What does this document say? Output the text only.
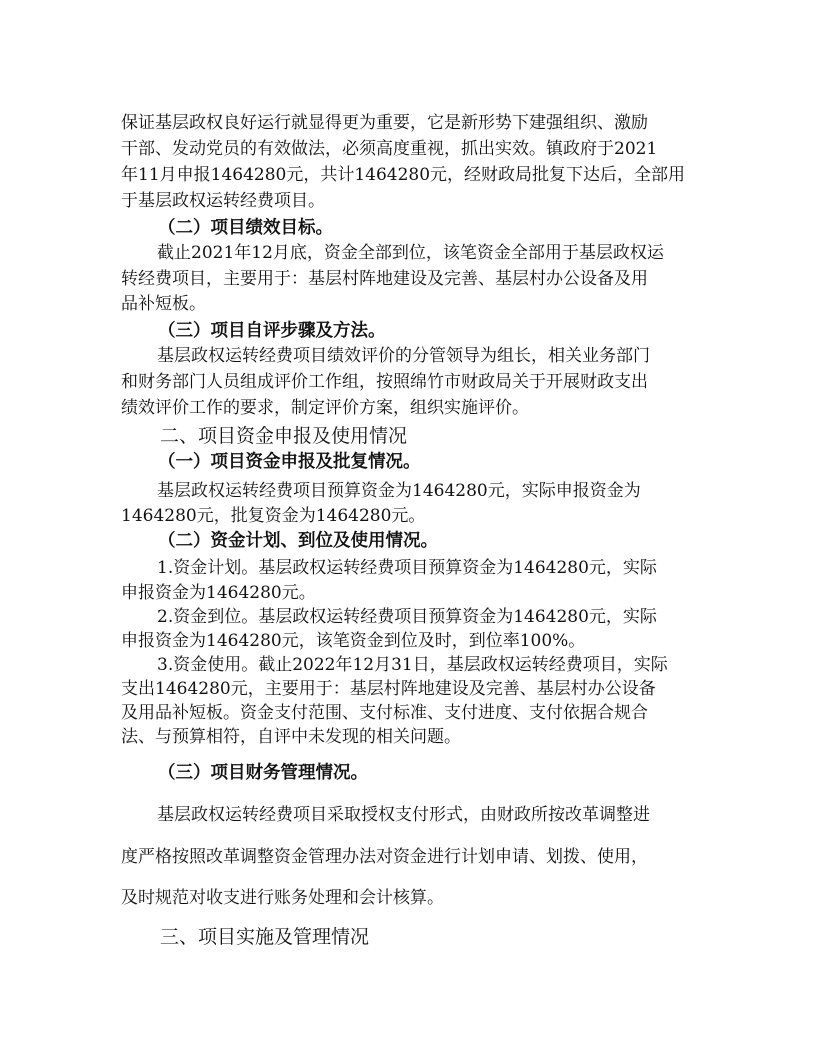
保证基层政权良好运行就显得更为重要，它是新形势下建强组织、激励

干部、发动党员的有效做法，必须高度重视，抓出实效。镇政府于2021

年11月申报1464280元，共计1464280元，经财政局批复下达后，全部用

于基层政权运转经费项目。

（二）项目绩效目标。

截止2021年12月底，资金全部到位，该笔资金全部用于基层政权运

转经费项目，主要用于：基层村阵地建设及完善、基层村办公设备及用

品补短板。

（三）项目自评步骤及方法。

基层政权运转经费项目绩效评价的分管领导为组长，相关业务部门

和财务部门人员组成评价工作组，按照绵竹市财政局关于开展财政支出

绩效评价工作的要求，制定评价方案，组织实施评价。

二、项目资金申报及使用情况

（一）项目资金申报及批复情况。

基层政权运转经费项目预算资金为1464280元，实际申报资金为

1464280元，批复资金为1464280元。

（二）资金计划、到位及使用情况。

1.资金计划。基层政权运转经费项目预算资金为1464280元，实际

申报资金为1464280元。

2.资金到位。基层政权运转经费项目预算资金为1464280元，实际

申报资金为1464280元，该笔资金到位及时，到位率100%。

3.资金使用。截止2022年12月31日，基层政权运转经费项目，实际

支出1464280元，主要用于：基层村阵地建设及完善、基层村办公设备

及用品补短板。资金支付范围、支付标准、支付进度、支付依据合规合

法、与预算相符，自评中未发现的相关问题。

（三）项目财务管理情况。

基层政权运转经费项目采取授权支付形式，由财政所按改革调整进

度严格按照改革调整资金管理办法对资金进行计划申请、划拨、使用，

及时规范对收支进行账务处理和会计核算。

三、项目实施及管理情况
